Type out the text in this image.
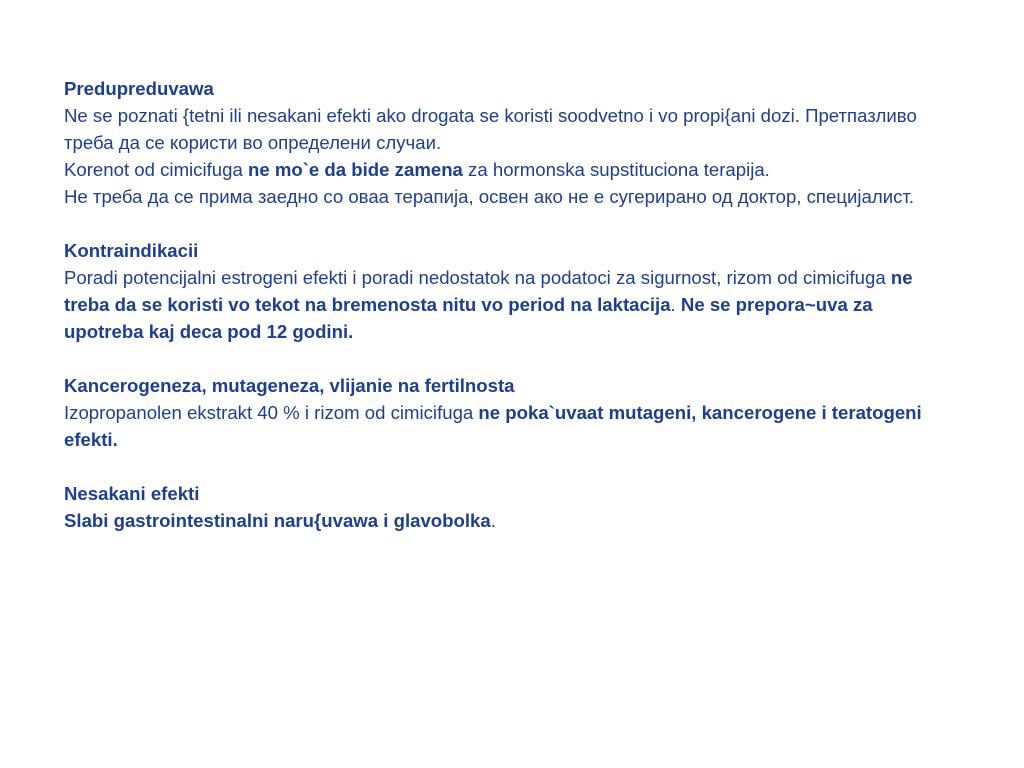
Predupreduvawa

Ne se poznati {tetni ili nesakani efekti ako drogata se koristi soodvetno i vo propi{ani dozi. Претпазливо треба да се користи во определени случаи.

Korenot od cimicifuga ne mo`e da bide zamena za hormonska supstituciona terapija.

Не треба да се прима заедно со оваа терапија, освен ако не е сугерирано од доктор, специјалист.

Kontraindikacii

Poradi potencijalni estrogeni efekti i poradi nedostatok na podatoci za sigurnost, rizom od cimicifuga ne treba da se koristi vo tekot na bremenosta nitu vo period na laktacija. Ne se prepora~uva za upotreba kaj deca pod 12 godini.

Kancerogeneza, mutageneza, vlijanie na fertilnosta

Izopropanolen ekstrakt 40 % i rizom od cimicifuga ne poka`uvaat mutageni, kancerogene i teratogeni efekti.

Nesakani efekti

Slabi gastrointestinalni naru{uvawa i glavobolka.
